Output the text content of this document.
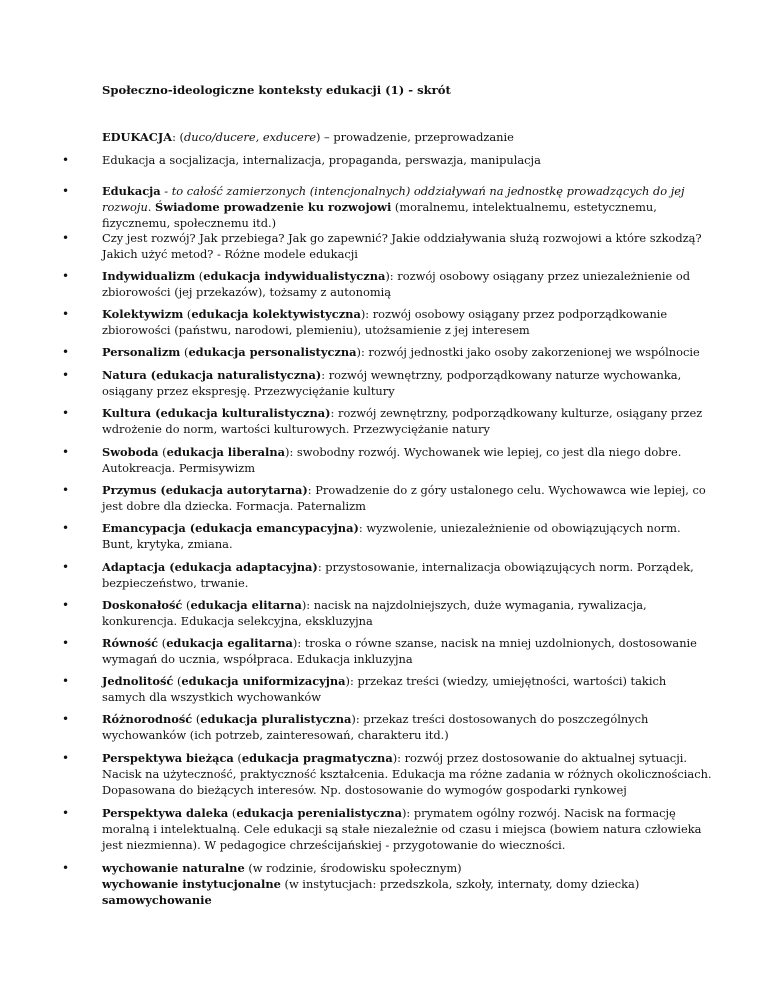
Społeczno-ideologiczne konteksty edukacji (1) - skrót
EDUKACJA: (duco/ducere, exducere) – prowadzenie, przeprowadzanie
•	Edukacja a socjalizacja, internalizacja, propaganda, perswazja, manipulacja
•	Edukacja - to całość zamierzonych (intencjonalnych) oddziaływań na jednostkę prowadzących do jej
rozwoju. Świadome prowadzenie ku rozwojowi (moralnemu, intelektualnemu, estetycznemu,
fizycznemu, społecznemu itd.)
•	Czy jest rozwój? Jak przebiega? Jak go zapewnić? Jakie oddziaływania służą rozwojowi a które szkodzą?
Jakich użyć metod? - Różne modele edukacji
•	Indywidualizm (edukacja indywidualistyczna): rozwój osobowy osiągany przez uniezależnienie od
zbiorowości (jej przekazów), tożsamy z autonomią
•	Kolektywizm (edukacja kolektywistyczna): rozwój osobowy osiągany przez podporządkowanie
zbiorowości (państwu, narodowi, plemieniu), utożsamienie z jej interesem
•	Personalizm (edukacja personalistyczna): rozwój jednostki jako osoby zakorzenionej we wspólnocie
•	Natura (edukacja naturalistyczna): rozwój wewnętrzny, podporządkowany naturze wychowanka,
osiągany przez ekspresję. Przezwyciężanie kultury
•	Kultura (edukacja kulturalistyczna): rozwój zewnętrzny, podporządkowany kulturze, osiągany przez
wdrożenie do norm, wartości kulturowych. Przezwyciężanie natury
•	Swoboda (edukacja liberalna): swobodny rozwój. Wychowanek wie lepiej, co jest dla niego dobre.
Autokreacja. Permisywizm
•	Przymus (edukacja autorytarna): Prowadzenie do z góry ustalonego celu. Wychowawca wie lepiej, co
jest dobre dla dziecka. Formacja. Paternalizm
•	Emancypacja (edukacja emancypacyjna): wyzwolenie, uniezależnienie od obowiązujących norm.
Bunt, krytyka, zmiana.
•	Adaptacja (edukacja adaptacyjna): przystosowanie, internalizacja obowiązujących norm. Porządek,
bezpieczeństwo, trwanie.
•	Doskonałość (edukacja elitarna): nacisk na najzdolniejszych, duże wymagania, rywalizacja,
konkurencja. Edukacja selekcyjna, ekskluzyjna
•	Równość (edukacja egalitarna): troska o równe szanse, nacisk na mniej uzdolnionych, dostosowanie
wymagań do ucznia, współpraca. Edukacja inkluzyjna
•	Jednolitość (edukacja uniformizacyjna): przekaz treści (wiedzy, umiejętności, wartości) takich
samych dla wszystkich wychowanków
•	Różnorodność (edukacja pluralistyczna): przekaz treści dostosowanych do poszczególnych
wychowanków (ich potrzeb, zainteresowań, charakteru itd.)
•	Perspektywa bieżąca (edukacja pragmatyczna): rozwój przez dostosowanie do aktualnej sytuacji.
Nacisk na użyteczność, praktyczność kształcenia. Edukacja ma różne zadania w różnych okolicznościach.
Dopasowana do bieżących interesów. Np. dostosowanie do wymogów gospodarki rynkowej
•	Perspektywa daleka (edukacja perenialistyczna): prymatem ogólny rozwój. Nacisk na formację
moralną i intelektualną. Cele edukacji są stałe niezależnie od czasu i miejsca (bowiem natura człowieka
jest niezmienna). W pedagogice chrześcijańskiej - przygotowanie do wieczności.
•	wychowanie naturalne (w rodzinie, środowisku społecznym)
wychowanie instytucjonalne (w instytucjach: przedszkola, szkoły, internaty, domy dziecka)
samowychowanie
